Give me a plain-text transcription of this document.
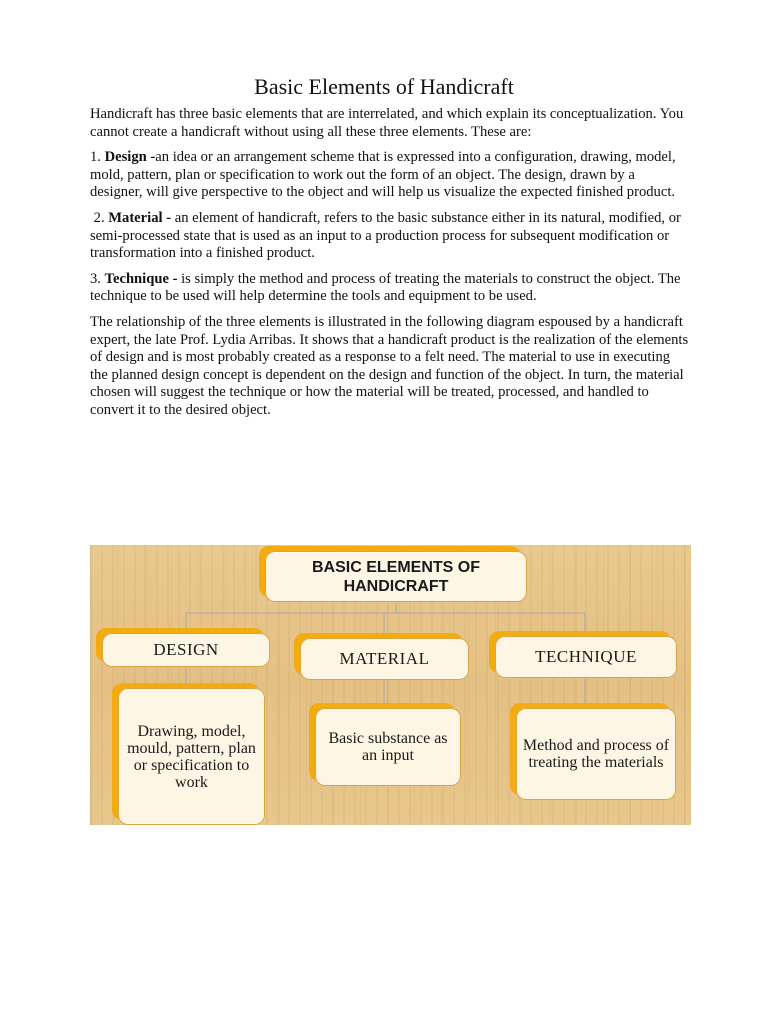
Basic Elements of Handicraft

Handicraft has three basic elements that are interrelated, and which explain its conceptualization. You cannot create a handicraft without using all these three elements. These are:

1. Design -an idea or an arrangement scheme that is expressed into a configuration, drawing, model, mold, pattern, plan or specification to work out the form of an object. The design, drawn by a designer, will give perspective to the object and will help us visualize the expected finished product.

2. Material - an element of handicraft, refers to the basic substance either in its natural, modified, or semi-processed state that is used as an input to a production process for subsequent modification or transformation into a finished product.

3. Technique - is simply the method and process of treating the materials to construct the object. The technique to be used will help determine the tools and equipment to be used.

The relationship of the three elements is illustrated in the following diagram espoused by a handicraft expert, the late Prof. Lydia Arribas. It shows that a handicraft product is the realization of the elements of design and is most probably created as a response to a felt need. The material to use in executing the planned design concept is dependent on the design and function of the object. In turn, the material chosen will suggest the technique or how the material will be treated, processed, and handled to convert it to the desired object.

BASIC ELEMENTS OF HANDICRAFT
DESIGN	MATERIAL	TECHNIQUE
Drawing, model, mould, pattern, plan or specification to work
Basic substance as an input
Method and process of treating the materials
